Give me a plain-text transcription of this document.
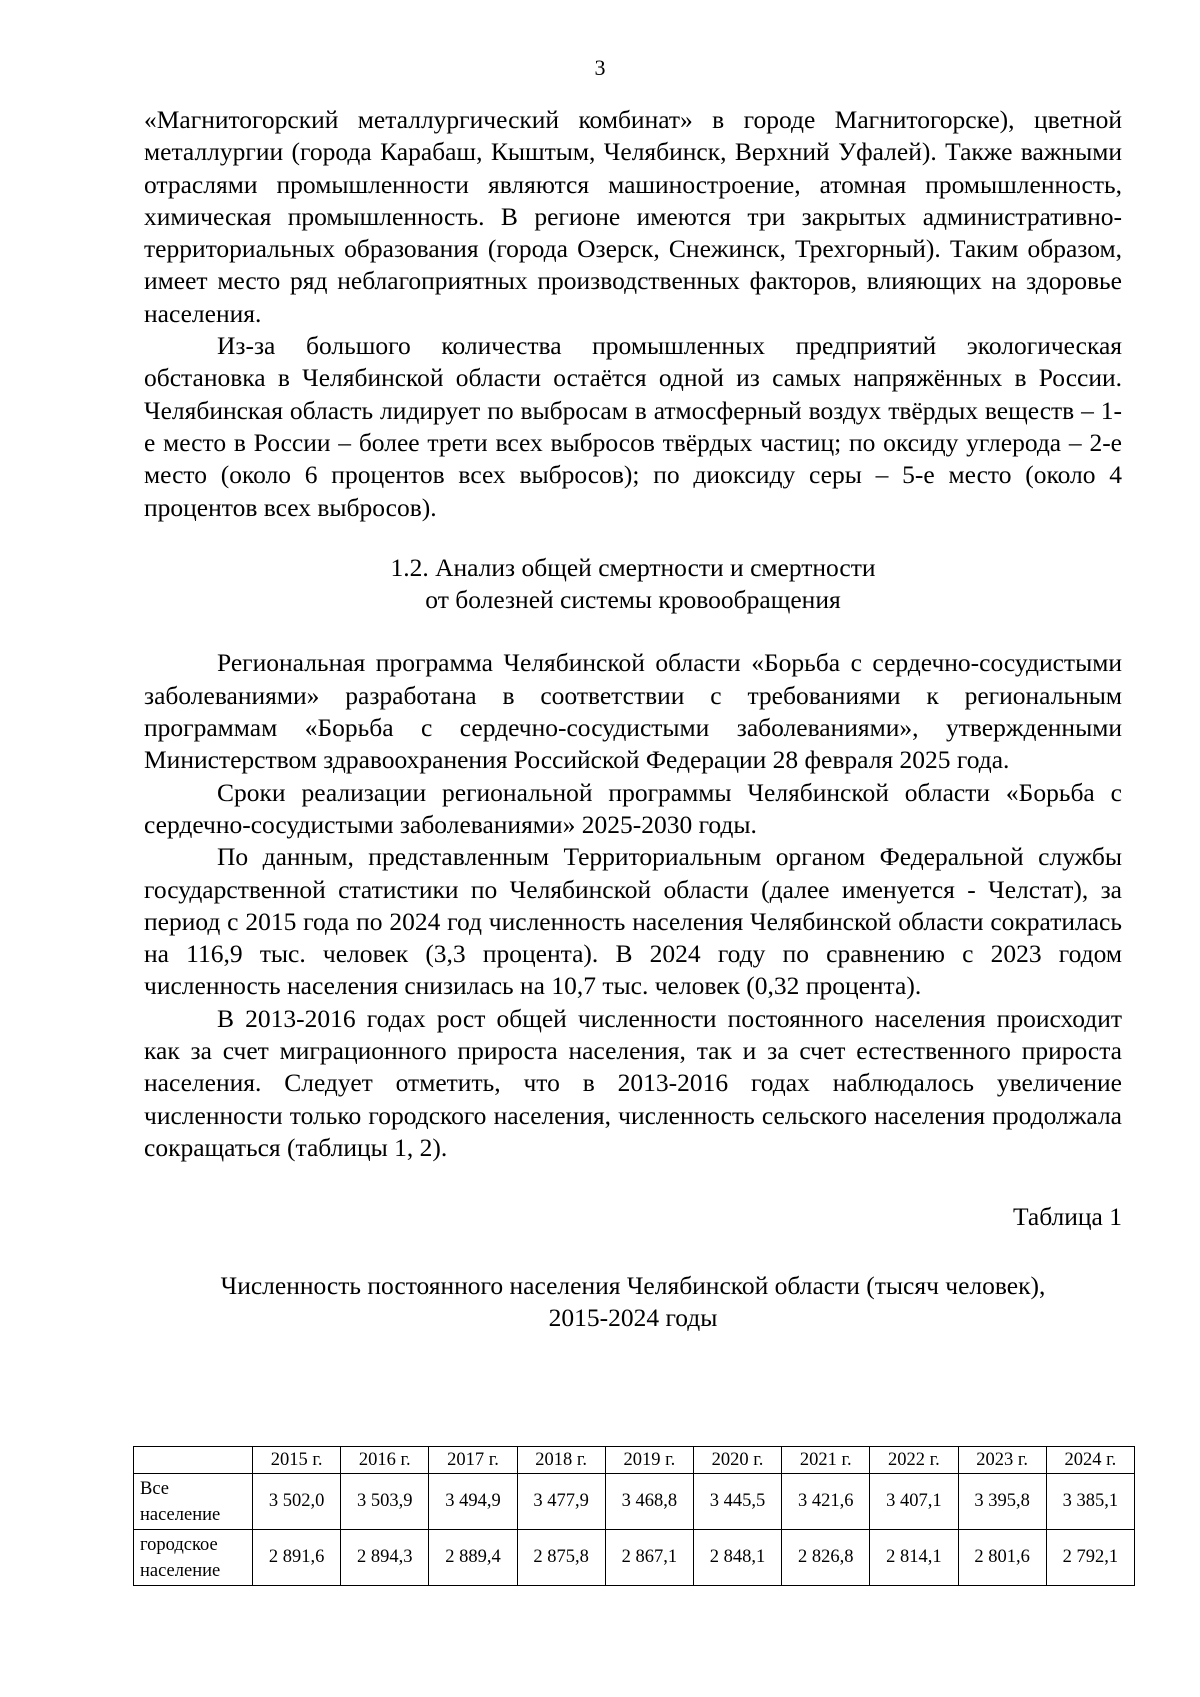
3

«Магнитогорский металлургический комбинат» в городе Магнитогорске), цветной металлургии (города Карабаш, Кыштым, Челябинск, Верхний Уфалей). Также важными отраслями промышленности являются машиностроение, атомная промышленность, химическая промышленность. В регионе имеются три закрытых административно-территориальных образования (города Озерск, Снежинск, Трехгорный). Таким образом, имеет место ряд неблагоприятных производственных факторов, влияющих на здоровье населения.

Из-за большого количества промышленных предприятий экологическая обстановка в Челябинской области остаётся одной из самых напряжённых в России. Челябинская область лидирует по выбросам в атмосферный воздух твёрдых веществ – 1-е место в России – более трети всех выбросов твёрдых частиц; по оксиду углерода – 2-е место (около 6 процентов всех выбросов); по диоксиду серы – 5-е место (около 4 процентов всех выбросов).

1.2. Анализ общей смертности и смертности
от болезней системы кровообращения

Региональная программа Челябинской области «Борьба с сердечно-сосудистыми заболеваниями» разработана в соответствии с требованиями к региональным программам «Борьба с сердечно-сосудистыми заболеваниями», утвержденными Министерством здравоохранения Российской Федерации 28 февраля 2025 года.

Сроки реализации региональной программы Челябинской области «Борьба с сердечно-сосудистыми заболеваниями» 2025-2030 годы.

По данным, представленным Территориальным органом Федеральной службы государственной статистики по Челябинской области (далее именуется - Челстат), за период с 2015 года по 2024 год численность населения Челябинской области сократилась на 116,9 тыс. человек (3,3 процента). В 2024 году по сравнению с 2023 годом численность населения снизилась на 10,7 тыс. человек (0,32 процента).

В 2013-2016 годах рост общей численности постоянного населения происходит как за счет миграционного прироста населения, так и за счет естественного прироста населения. Следует отметить, что в 2013-2016 годах наблюдалось увеличение численности только городского населения, численность сельского населения продолжала сокращаться (таблицы 1, 2).

Таблица 1
Численность постоянного населения Челябинской области (тысяч человек),
2015-2024 годы
	2015 г.	2016 г.	2017 г.	2018 г.	2019 г.	2020 г.	2021 г.	2022 г.	2023 г.	2024 г.

Все
население	3 502,0	3 503,9	3 494,9	3 477,9	3 468,8	3 445,5	3 421,6	3 407,1	3 395,8	3 385,1

городское
население	2 891,6	2 894,3	2 889,4	2 875,8	2 867,1	2 848,1	2 826,8	2 814,1	2 801,6	2 792,1
